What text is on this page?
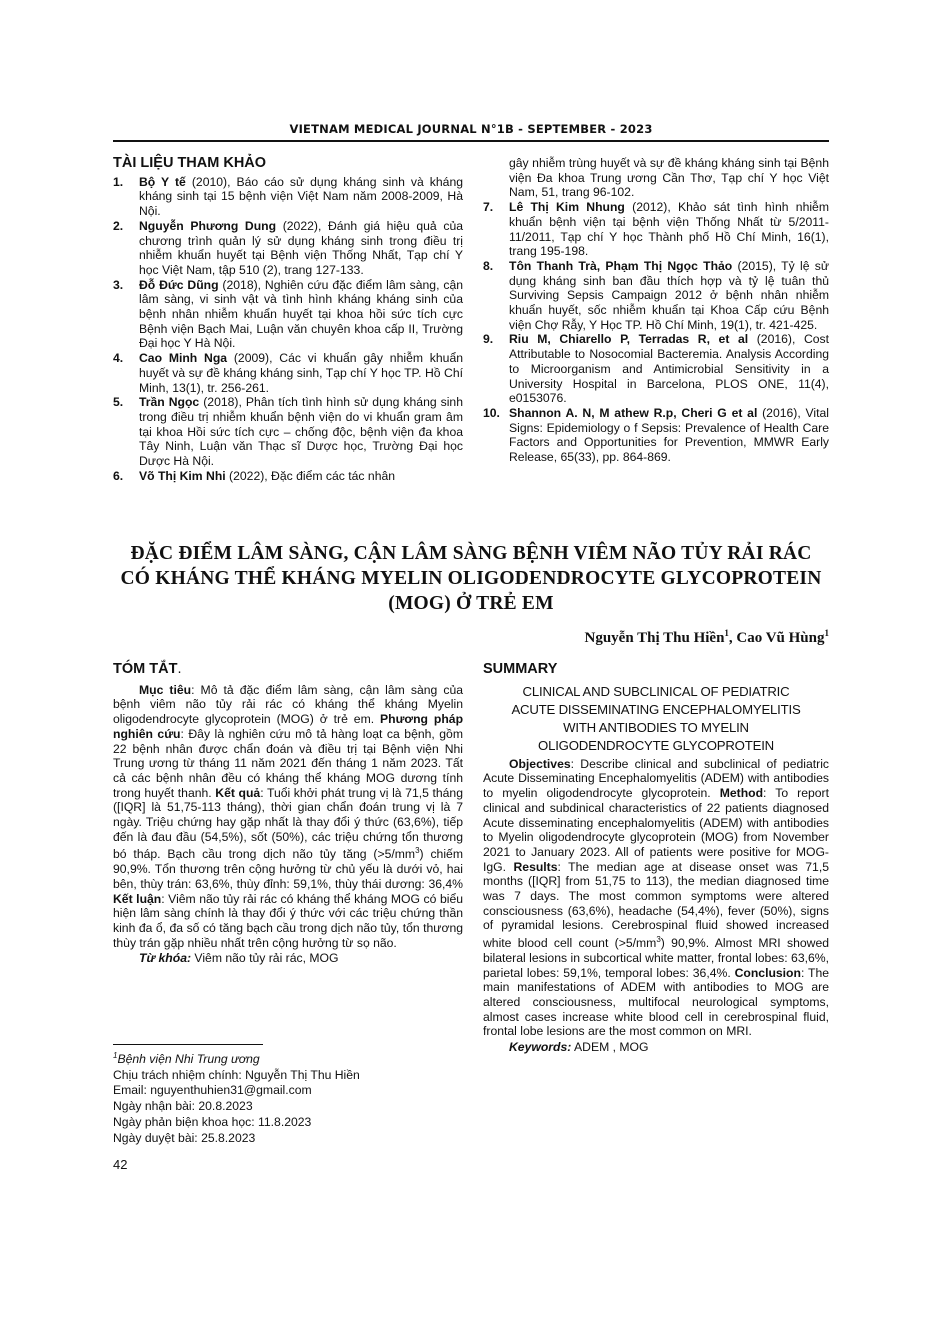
VIETNAM MEDICAL JOURNAL N°1B - SEPTEMBER - 2023
TÀI LIỆU THAM KHẢO
1.	Bộ Y tế (2010), Báo cáo sử dụng kháng sinh và kháng kháng sinh tại 15 bệnh viện Việt Nam năm 2008-2009, Hà Nội.
2.	Nguyễn Phương Dung (2022), Đánh giá hiệu quả của chương trình quản lý sử dụng kháng sinh trong điều trị nhiễm khuẩn huyết tại Bệnh viện Thống Nhất, Tạp chí Y học Việt Nam, tập 510 (2), trang 127-133.
3.	Đỗ Đức Dũng (2018), Nghiên cứu đặc điểm lâm sàng, cận lâm sàng, vi sinh vật và tình hình kháng kháng sinh của bệnh nhân nhiễm khuẩn huyết tại khoa hồi sức tích cực Bệnh viện Bạch Mai, Luận văn chuyên khoa cấp II, Trường Đại học Y Hà Nội.
4.	Cao Minh Nga (2009), Các vi khuẩn gây nhiễm khuẩn huyết và sự đề kháng kháng sinh, Tạp chí Y học TP. Hồ Chí Minh, 13(1), tr. 256-261.
5.	Trần Ngọc (2018), Phân tích tình hình sử dụng kháng sinh trong điều trị nhiễm khuẩn bệnh viện do vi khuẩn gram âm tại khoa Hồi sức tích cực – chống độc, bệnh viện đa khoa Tây Ninh, Luận văn Thạc sĩ Dược học, Trường Đại học Dược Hà Nội.
6.	Võ Thị Kim Nhi (2022), Đặc điểm các tác nhân
gây nhiễm trùng huyết và sự đề kháng kháng sinh tại Bệnh viện Đa khoa Trung ương Cần Thơ, Tạp chí Y học Việt Nam, 51, trang 96-102.
7.	Lê Thị Kim Nhung (2012), Khảo sát tình hình nhiễm khuẩn bệnh viện tại bệnh viện Thống Nhất từ 5/2011-11/2011, Tạp chí Y học Thành phố Hồ Chí Minh, 16(1), trang 195-198.
8.	Tôn Thanh Trà, Phạm Thị Ngọc Thảo (2015), Tỷ lệ sử dụng kháng sinh ban đầu thích hợp và tỷ lệ tuân thủ Surviving Sepsis Campaign 2012 ở bệnh nhân nhiễm khuẩn huyết, sốc nhiễm khuẩn tại Khoa Cấp cứu Bệnh viện Chợ Rẫy, Y Học TP. Hồ Chí Minh, 19(1), tr. 421-425.
9.	Riu M, Chiarello P, Terradas R, et al (2016), Cost Attributable to Nosocomial Bacteremia. Analysis According to Microorganism and Antimicrobial Sensitivity in a University Hospital in Barcelona, PLOS ONE, 11(4), e0153076.
10. Shannon A. N, M athew R.p, Cheri G et al (2016), Vital Signs: Epidemiology o f Sepsis: Prevalence of Health Care Factors and Opportunities for Prevention, MMWR Early Release, 65(33), pp. 864-869.
ĐẶC ĐIỂM LÂM SÀNG, CẬN LÂM SÀNG BỆNH VIÊM NÃO TỦY RẢI RÁC
CÓ KHÁNG THỂ KHÁNG MYELIN OLIGODENDROCYTE GLYCOPROTEIN
(MOG) Ở TRẺ EM
Nguyễn Thị Thu Hiền$^1$, Cao Vũ Hùng$^1$
TÓM TẮT.
Mục tiêu: Mô tả đặc điểm lâm sàng, cận lâm sàng của bệnh viêm não tủy rải rác có kháng thể kháng Myelin oligodendrocyte glycoprotein (MOG) ở trẻ em. Phương pháp nghiên cứu: Đây là nghiên cứu mô tả hàng loạt ca bệnh, gồm 22 bệnh nhân được chẩn đoán và điều trị tại Bệnh viện Nhi Trung ương từ tháng 11 năm 2021 đến tháng 1 năm 2023. Tất cả các bệnh nhân đều có kháng thể kháng MOG dương tính trong huyết thanh. Kết quả: Tuổi khởi phát trung vị là 71,5 tháng ([IQR] là 51,75-113 tháng), thời gian chẩn đoán trung vị là 7 ngày. Triệu chứng hay gặp nhất là thay đổi ý thức (63,6%), tiếp đến là đau đầu (54,5%), sốt (50%), các triệu chứng tổn thương bó tháp. Bạch cầu trong dịch não tủy tăng $(>5/mm^3)$ chiếm 90,9%. Tổn thương trên cộng hưởng từ chủ yếu là dưới vỏ, hai bên, thùy trán: 63,6%, thùy đỉnh: 59,1%, thùy thái dương: 36,4% Kết luận: Viêm não tủy rải rác có kháng thể kháng MOG có biểu hiện lâm sàng chính là thay đổi ý thức với các triệu chứng thần kinh đa ổ, đa số có tăng bạch cầu trong dịch não tủy, tổn thương thùy trán gặp nhiều nhất trên cộng hưởng từ sọ não.
Từ khóa: Viêm não tủy rải rác, MOG
SUMMARY
CLINICAL AND SUBCLINICAL OF PEDIATRIC
ACUTE DISSEMINATING ENCEPHALOMYELITIS
WITH ANTIBODIES TO MYELIN
OLIGODENDROCYTE GLYCOPROTEIN
Objectives: Describe clinical and subclinical of pediatric Acute Disseminating Encephalomyelitis (ADEM) with antibodies to myelin oligodendrocyte glycoprotein. Method: To report clinical and subdinical characteristics of 22 patients diagnosed Acute disseminating encephalomyelitis (ADEM) with antibodies to Myelin oligodendrocyte glycoprotein (MOG) from November 2021 to January 2023. All of patients were positive for MOG-IgG. Results: The median age at disease onset was 71,5 months ([IQR] from 51,75 to 113), the median diagnosed time was 7 days. The most common symptoms were altered consciousness (63,6%), headache (54,4%), fever (50%), signs of pyramidal lesions. Cerebrospinal fluid showed increased white blood cell count $(>5/mm^3)$ 90,9%. Almost MRI showed bilateral lesions in subcortical white matter, frontal lobes: 63,6%, parietal lobes: 59,1%, temporal lobes: 36,4%. Conclusion: The main manifestations of ADEM with antibodies to MOG are altered consciousness, multifocal neurological symptoms, almost cases increase white blood cell in cerebrospinal fluid, frontal lobe lesions are the most common on MRI.
Keywords: ADEM , MOG
$^1$Bệnh viện Nhi Trung ương
Chịu trách nhiệm chính: Nguyễn Thị Thu Hiền
Email: nguyenthuhien31@gmail.com
Ngày nhận bài: 20.8.2023
Ngày phản biện khoa học: 11.8.2023
Ngày duyệt bài: 25.8.2023
42
